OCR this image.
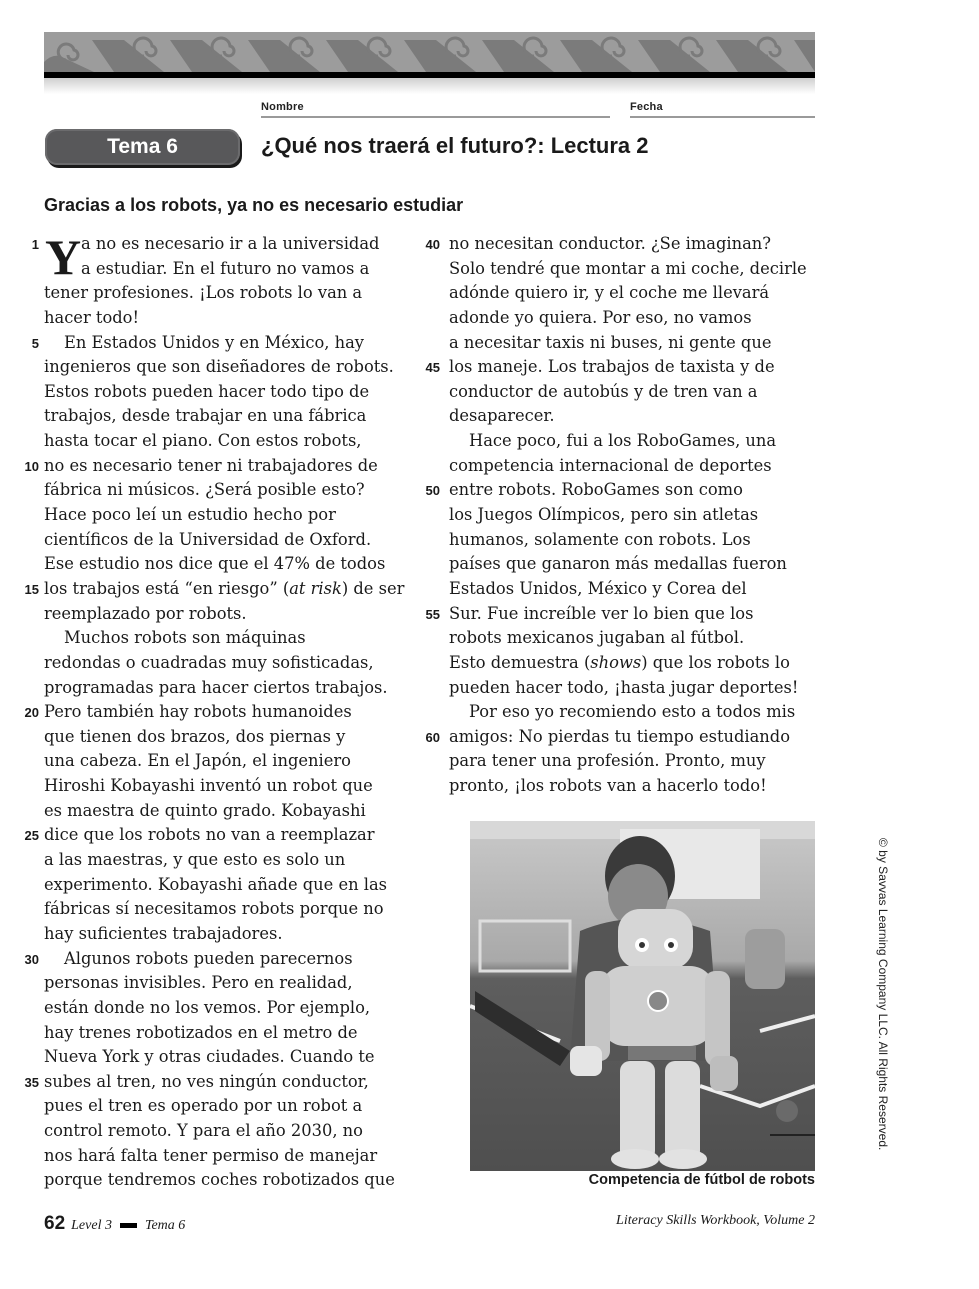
Nombre	Fecha
Tema 6	¿Qué nos traerá el futuro?: Lectura 2
Gracias a los robots, ya no es necesario estudiar
Y
1	a no es necesario ir a la universidad
a estudiar. En el futuro no vamos a
tener profesiones. ¡Los robots lo van a
hacer todo!
5 En Estados Unidos y en México, hay
ingenieros que son diseñadores de robots.
Estos robots pueden hacer todo tipo de
trabajos, desde trabajar en una fábrica
hasta tocar el piano. Con estos robots,
10 no es necesario tener ni trabajadores de
fábrica ni músicos. ¿Será posible esto?
Hace poco leí un estudio hecho por
científicos de la Universidad de Oxford.
Ese estudio nos dice que el 47% de todos
15 los trabajos está “en riesgo” (at risk) de ser
reemplazado por robots.
Muchos robots son máquinas
redondas o cuadradas muy sofisticadas,
programadas para hacer ciertos trabajos.
20 Pero también hay robots humanoides
que tienen dos brazos, dos piernas y
una cabeza. En el Japón, el ingeniero
Hiroshi Kobayashi inventó un robot que
es maestra de quinto grado. Kobayashi
25 dice que los robots no van a reemplazar
a las maestras, y que esto es solo un
experimento. Kobayashi añade que en las
fábricas sí necesitamos robots porque no
hay suficientes trabajadores.
30 Algunos robots pueden parecernos
personas invisibles. Pero en realidad,
están donde no los vemos. Por ejemplo,
hay trenes robotizados en el metro de
Nueva York y otras ciudades. Cuando te
35 subes al tren, no ves ningún conductor,
pues el tren es operado por un robot a
control remoto. Y para el año 2030, no
nos hará falta tener permiso de manejar
porque tendremos coches robotizados que
40 no necesitan conductor. ¿Se imaginan?
Solo tendré que montar a mi coche, decirle
adónde quiero ir, y el coche me llevará
adonde yo quiera. Por eso, no vamos
a necesitar taxis ni buses, ni gente que
45 los maneje. Los trabajos de taxista y de
conductor de autobús y de tren van a
desaparecer.
Hace poco, fui a los RoboGames, una
competencia internacional de deportes
50 entre robots. RoboGames son como
los Juegos Olímpicos, pero sin atletas
humanos, solamente con robots. Los
países que ganaron más medallas fueron
Estados Unidos, México y Corea del
55 Sur. Fue increíble ver lo bien que los
robots mexicanos jugaban al fútbol.
Esto demuestra (shows) que los robots lo
pueden hacer todo, ¡hasta jugar deportes!
Por eso yo recomiendo esto a todos mis
60 amigos: No pierdas tu tiempo estudiando
para tener una profesión. Pronto, muy
pronto, ¡los robots van a hacerlo todo!
Competencia de fútbol de robots
© by Savvas Learning Company LLC. All Rights Reserved.
62 Level 3 Tema 6	Literacy Skills Workbook, Volume 2
